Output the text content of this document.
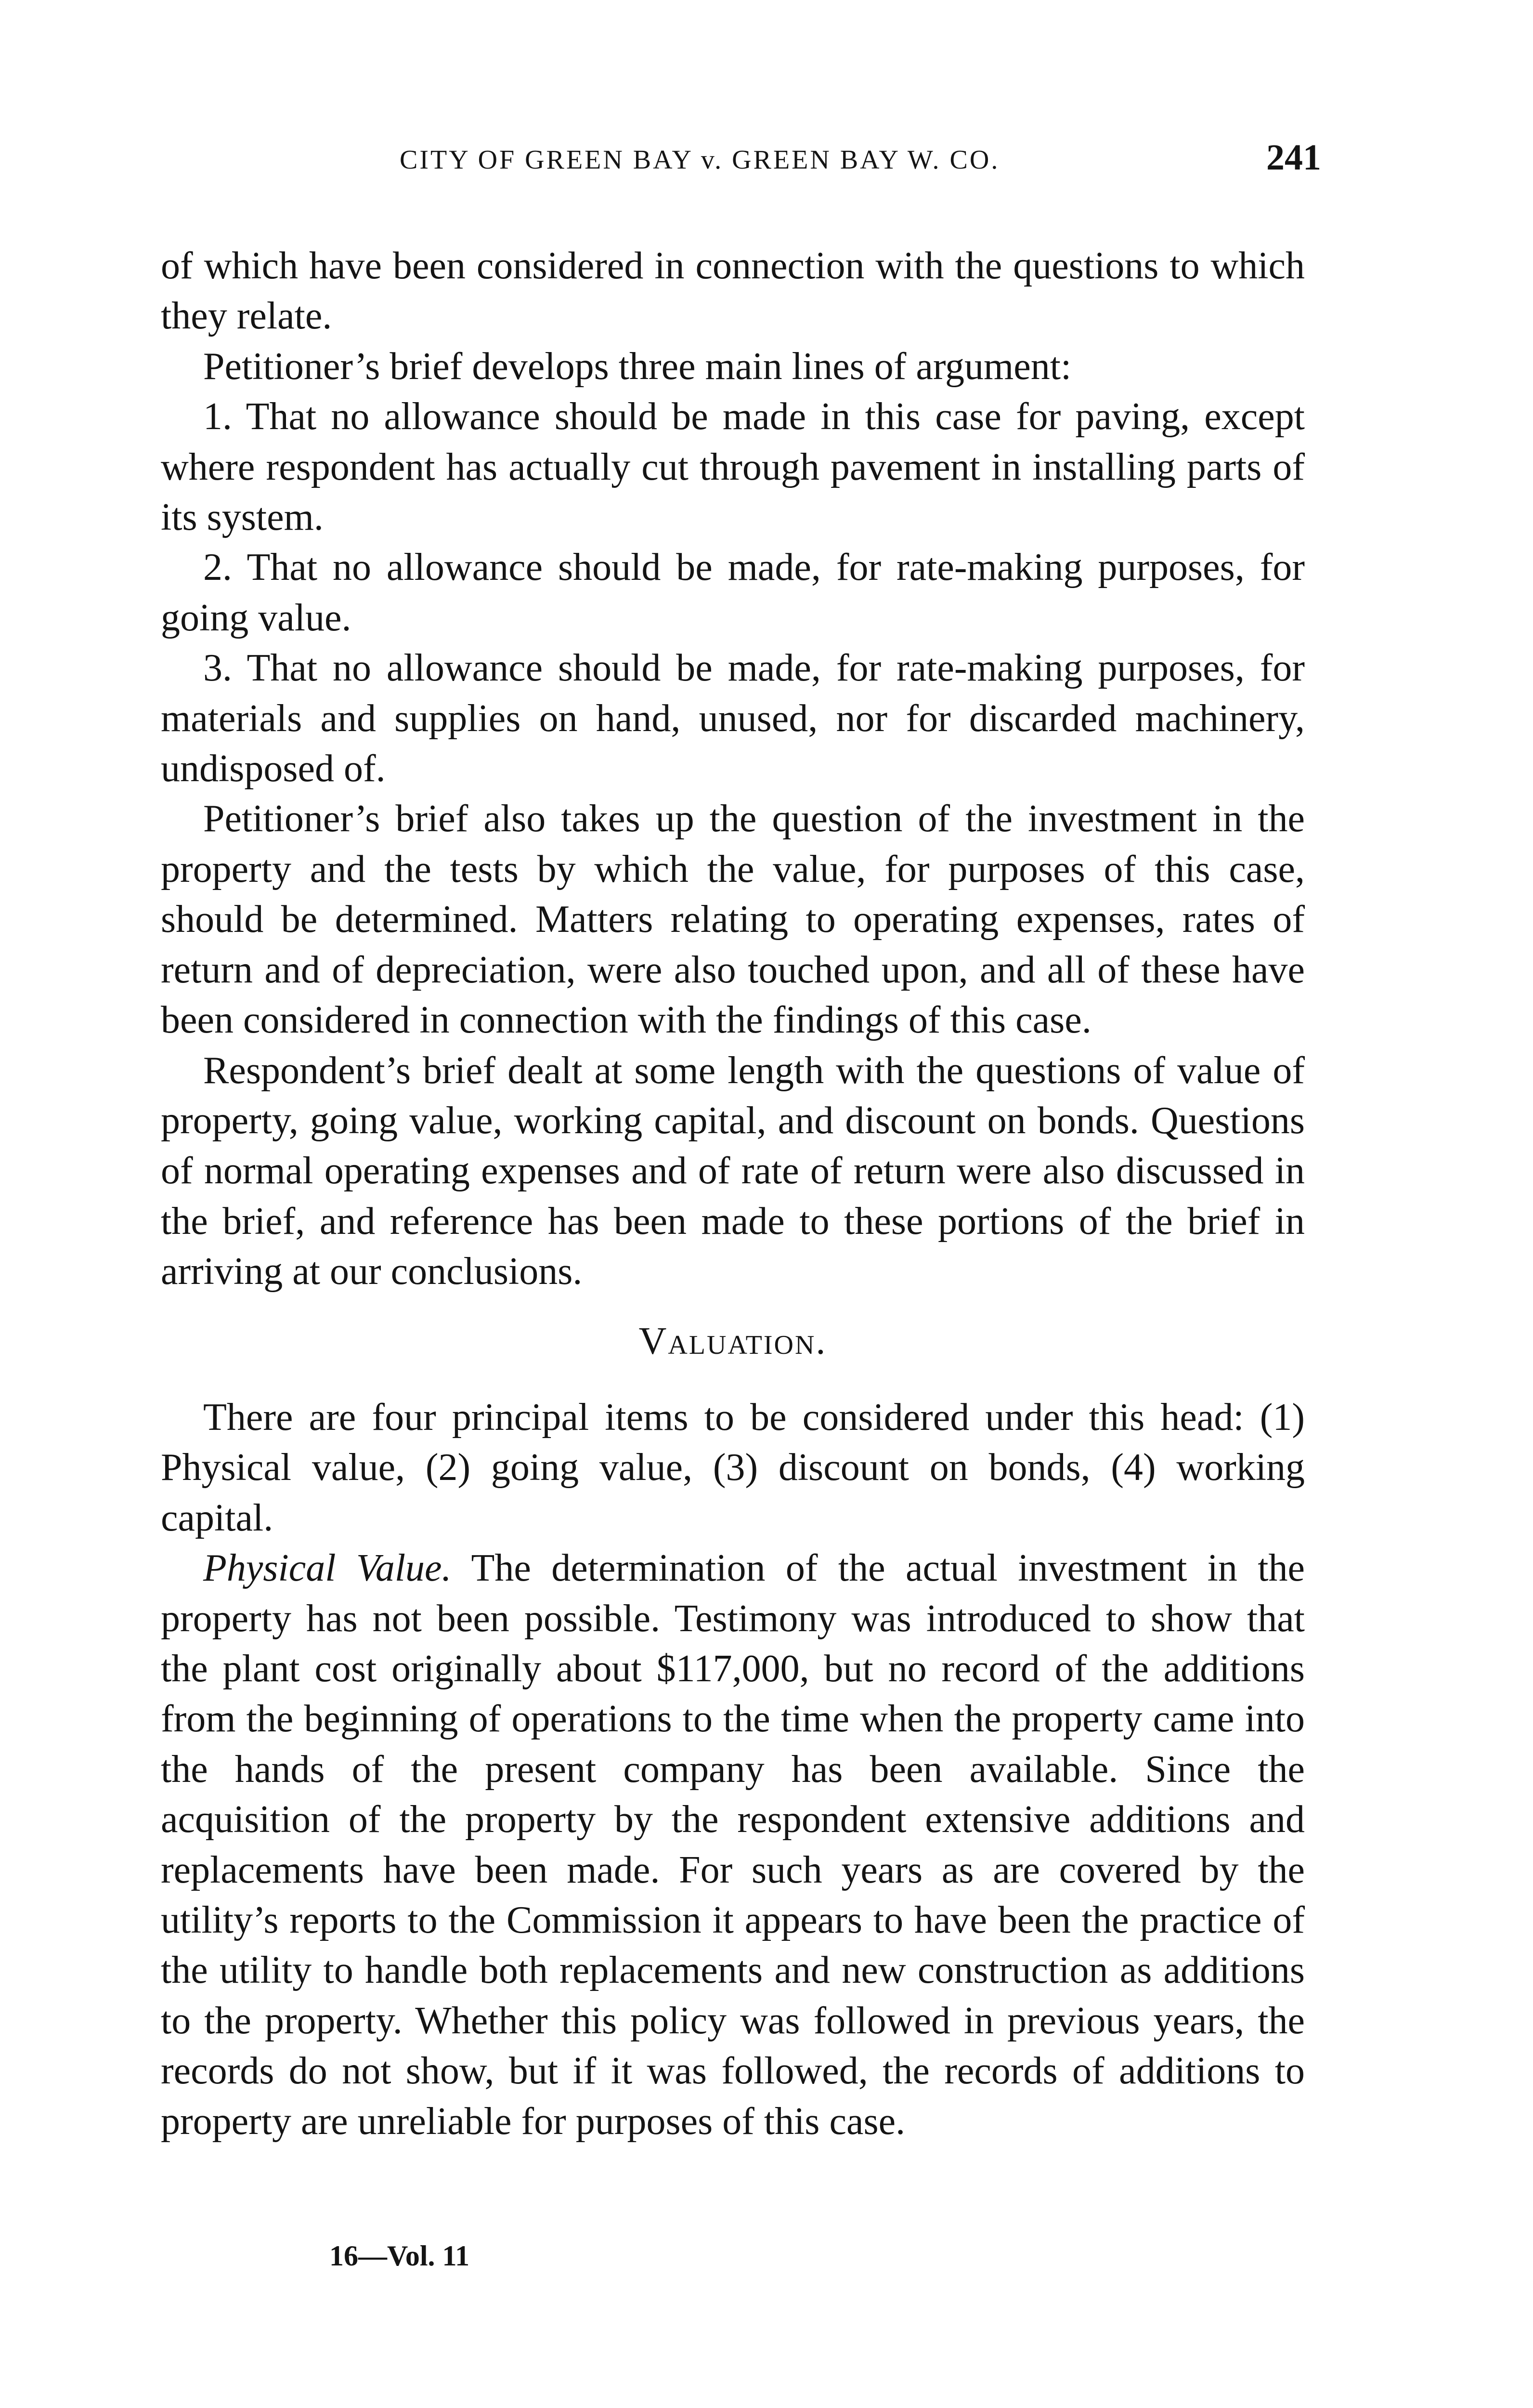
CITY OF GREEN BAY v. GREEN BAY W. CO.	241

of which have been considered in connection with the questions to which they relate.

Petitioner’s brief develops three main lines of argument:

1. That no allowance should be made in this case for paving, except where respondent has actually cut through pavement in installing parts of its system.

2. That no allowance should be made, for rate-making purposes, for going value.

3. That no allowance should be made, for rate-making purposes, for materials and supplies on hand, unused, nor for discarded machinery, undisposed of.

Petitioner’s brief also takes up the question of the investment in the property and the tests by which the value, for purposes of this case, should be determined. Matters relating to operating expenses, rates of return and of depreciation, were also touched upon, and all of these have been considered in connection with the findings of this case.

Respondent’s brief dealt at some length with the questions of value of property, going value, working capital, and discount on bonds. Questions of normal operating expenses and of rate of return were also discussed in the brief, and reference has been made to these portions of the brief in arriving at our conclusions.

Valuation.

There are four principal items to be considered under this head: (1) Physical value, (2) going value, (3) discount on bonds, (4) working capital.

Physical Value. The determination of the actual investment in the property has not been possible. Testimony was introduced to show that the plant cost originally about $117,000, but no record of the additions from the beginning of operations to the time when the property came into the hands of the present company has been available. Since the acquisition of the property by the respondent extensive additions and replacements have been made. For such years as are covered by the utility’s reports to the Commission it appears to have been the practice of the utility to handle both replacements and new construction as additions to the property. Whether this policy was followed in previous years, the records do not show, but if it was followed, the records of additions to property are unreliable for purposes of this case.

16—Vol. 11
